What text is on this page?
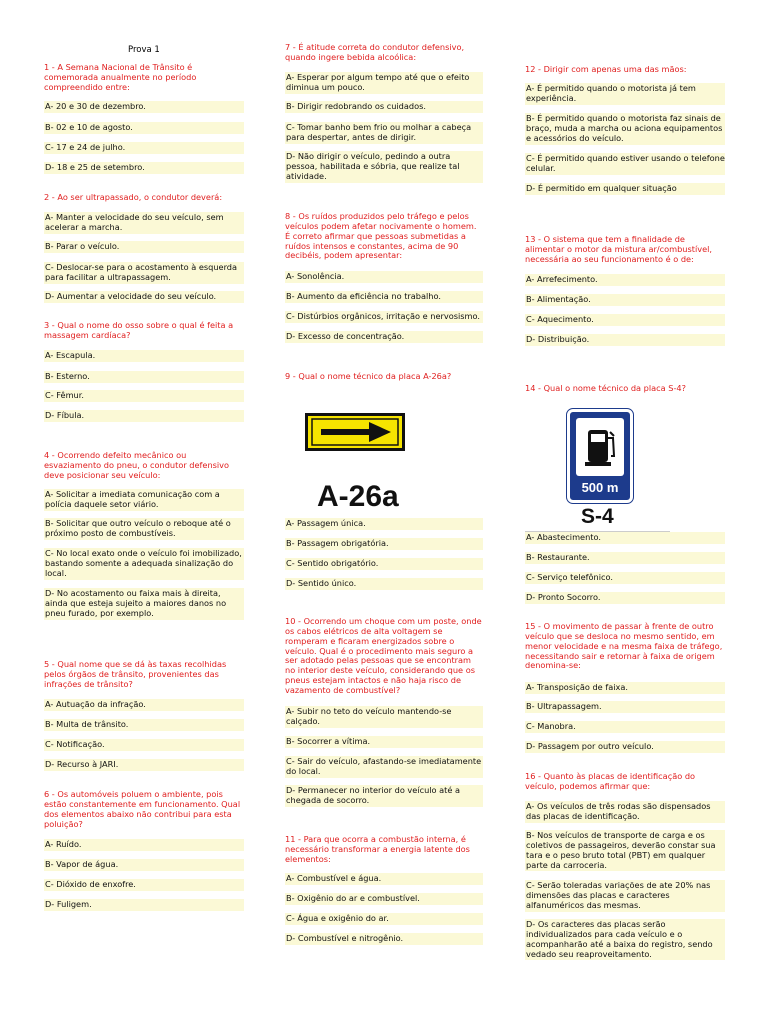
Prova 1
1 - A Semana Nacional de Trânsito é comemorada anualmente no período compreendido entre:
A- 20 e 30 de dezembro.
B- 02 e 10 de agosto.
C- 17 e 24 de julho.
D- 18 e 25 de setembro.
2 - Ao ser ultrapassado, o condutor deverá:
A- Manter a velocidade do seu veículo, sem acelerar a marcha.
B- Parar o veículo.
C- Deslocar-se para o acostamento à esquerda para facilitar a ultrapassagem.
D- Aumentar a velocidade do seu veículo.
3 - Qual o nome do osso sobre o qual é feita a massagem cardíaca?
A- Escapula.
B- Esterno.
C- Fêmur.
D- Fíbula.
4 - Ocorrendo defeito mecânico ou esvaziamento do pneu, o condutor defensivo deve posicionar seu veículo:
A- Solicitar a imediata comunicação com a polícia daquele setor viário.
B- Solicitar que outro veículo o reboque até o próximo posto de combustíveis.
C- No local exato onde o veículo foi imobilizado, bastando somente a adequada sinalização do local.
D- No acostamento ou faixa mais à direita, ainda que esteja sujeito a maiores danos no pneu furado, por exemplo.
5 - Qual nome que se dá às taxas recolhidas pelos órgãos de trânsito, provenientes das infrações de trânsito?
A- Autuação da infração.
B- Multa de trânsito.
C- Notificação.
D- Recurso à JARI.
6 - Os automóveis poluem o ambiente, pois estão constantemente em funcionamento. Qual dos elementos abaixo não contribui para esta poluição?
A- Ruído.
B- Vapor de água.
C- Dióxido de enxofre.
D- Fuligem.
7 - É atitude correta do condutor defensivo, quando ingere bebida alcoólica:
A- Esperar por algum tempo até que o efeito diminua um pouco.
B- Dirigir redobrando os cuidados.
C- Tomar banho bem frio ou molhar a cabeça para despertar, antes de dirigir.
D- Não dirigir o veículo, pedindo a outra pessoa, habilitada e sóbria, que realize tal atividade.
8 - Os ruídos produzidos pelo tráfego e pelos veículos podem afetar nocivamente o homem. É correto afirmar que pessoas submetidas a ruídos intensos e constantes, acima de 90 decibéis, podem apresentar:
A- Sonolência.
B- Aumento da eficiência no trabalho.
C- Distúrbios orgânicos, irritação e nervosismo.
D- Excesso de concentração.
9 - Qual o nome técnico da placa A-26a?
A-26a
A- Passagem única.
B- Passagem obrigatória.
C- Sentido obrigatório.
D- Sentido único.
10 - Ocorrendo um choque com um poste, onde os cabos elétricos de alta voltagem se romperam e ficaram energizados sobre o veículo. Qual é o procedimento mais seguro a ser adotado pelas pessoas que se encontram no interior deste veículo, considerando que os pneus estejam intactos e não haja risco de vazamento de combustível?
A- Subir no teto do veículo mantendo-se calçado.
B- Socorrer a vítima.
C- Sair do veículo, afastando-se imediatamente do local.
D- Permanecer no interior do veículo até a chegada de socorro.
11 - Para que ocorra a combustão interna, é necessário transformar a energia latente dos elementos:
A- Combustível e água.
B- Oxigênio do ar e combustível.
C- Água e oxigênio do ar.
D- Combustível e nitrogênio.
12 - Dirigir com apenas uma das mãos:
A- É permitido quando o motorista já tem experiência.
B- É permitido quando o motorista faz sinais de braço, muda a marcha ou aciona equipamentos e acessórios do veículo.
C- É permitido quando estiver usando o telefone celular.
D- É permitido em qualquer situação
13 - O sistema que tem a finalidade de alimentar o motor da mistura ar/combustível, necessária ao seu funcionamento é o de:
A- Arrefecimento.
B- Alimentação.
C- Aquecimento.
D- Distribuição.
14 - Qual o nome técnico da placa S-4?
500 m
S-4
A- Abastecimento.
B- Restaurante.
C- Serviço telefônico.
D- Pronto Socorro.
15 - O movimento de passar à frente de outro veículo que se desloca no mesmo sentido, em menor velocidade e na mesma faixa de tráfego, necessitando sair e retornar à faixa de origem denomina-se:
A- Transposição de faixa.
B- Ultrapassagem.
C- Manobra.
D- Passagem por outro veículo.
16 - Quanto às placas de identificação do veículo, podemos afirmar que:
A- Os veículos de três rodas são dispensados das placas de identificação.
B- Nos veículos de transporte de carga e os coletivos de passageiros, deverão constar sua tara e o peso bruto total (PBT) em qualquer parte da carroceria.
C- Serão toleradas variações de ate 20% nas dimensões das placas e caracteres alfanuméricos das mesmas.
D- Os caracteres das placas serão individualizados para cada veículo e o acompanharão até a baixa do registro, sendo vedado seu reaproveitamento.
